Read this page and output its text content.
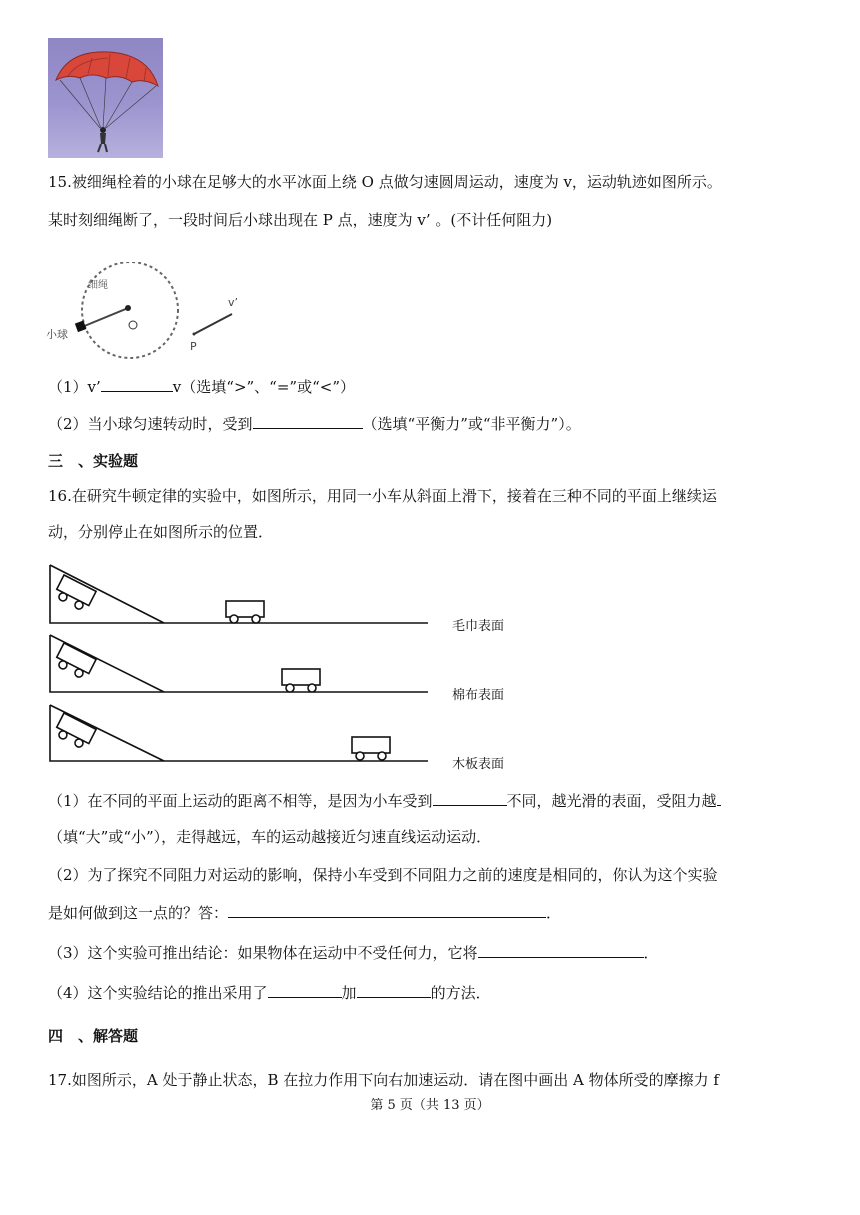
15.被细绳栓着的小球在足够大的水平冰面上绕 O 点做匀速圆周运动，速度为 v，运动轨迹如图所示。
某时刻细绳断了，一段时间后小球出现在 P 点，速度为 v’ 。(不计任何阻力)
细绳
小球
P
v’
（1）v’	v（选填“>”、“=”或“<”）
（2）当小球匀速转动时，受到	（选填“平衡力”或“非平衡力”）。
三　、实验题
16.在研究牛顿定律的实验中，如图所示，用同一小车从斜面上滑下，接着在三种不同的平面上继续运
动，分别停止在如图所示的位置．
毛巾表面
棉布表面
木板表面
（1）在不同的平面上运动的距离不相等，是因为小车受到	不同，越光滑的表面，受阻力越
（填“大”或“小”），走得越远，车的运动越接近匀速直线运动运动．
（2）为了探究不同阻力对运动的影响，保持小车受到不同阻力之前的速度是相同的，你认为这个实验
是如何做到这一点的？答：	．
（3）这个实验可推出结论：如果物体在运动中不受任何力，它将	．
（4）这个实验结论的推出采用了	加	的方法．
四　、解答题
17.如图所示，A 处于静止状态，B 在拉力作用下向右加速运动．请在图中画出 A 物体所受的摩擦力 f
第 5 页（共 13 页）
